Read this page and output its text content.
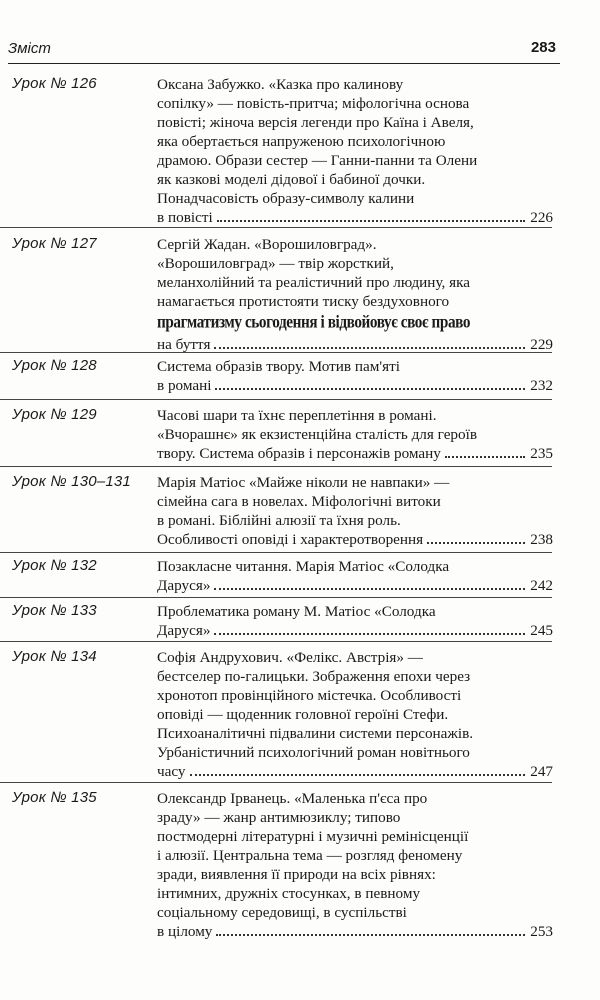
Зміст	283
Урок № 126	Оксана Забужко. «Казка про калинову
сопілку» — повість-притча; міфологічна основа
повісті; жіноча версія легенди про Каїна і Авеля,
яка обертається напруженою психологічною
драмою. Образи сестер — Ганни-панни та Олени
як казкові моделі дідової і бабиної дочки.
Понадчасовість образу-символу калини
в повісті	226
Урок № 127	Сергій Жадан. «Ворошиловград».
«Ворошиловград» — твір жорсткий,
меланхолійний та реалістичний про людину, яка
намагається протистояти тиску бездуховного
прагматизму сьогодення і відвойовує своє право
на буття	229
Урок № 128	Система образів твору. Мотив пам'яті
в романі	232
Урок № 129	Часові шари та їхнє переплетіння в романі.
«Вчорашнє» як екзистенційна сталість для героїв
твору. Система образів і персонажів роману	235
Урок № 130–131 Марія Матіос «Майже ніколи не навпаки» —
сімейна сага в новелах. Міфологічні витоки
в романі. Біблійні алюзії та їхня роль.
Особливості оповіді і характеротворення	238
Урок № 132	Позакласне читання. Марія Матіос «Солодка
Даруся»	242
Урок № 133	Проблематика роману М. Матіос «Солодка
Даруся»	245
Урок № 134	Софія Андрухович. «Фелікс. Австрія» —
бестселер по-галицьки. Зображення епохи через
хронотоп провінційного містечка. Особливості
оповіді — щоденник головної героїні Стефи.
Психоаналітичні підвалини системи персонажів.
Урбаністичний психологічний роман новітнього
часу	247
Урок № 135	Олександр Ірванець. «Маленька п'єса про
зраду» — жанр антимюзиклу; типово
постмодерні літературні і музичні ремінісценції
і алюзії. Центральна тема — розгляд феномену
зради, виявлення її природи на всіх рівнях:
інтимних, дружніх стосунках, в певному
соціальному середовищі, в суспільстві
в цілому	253
